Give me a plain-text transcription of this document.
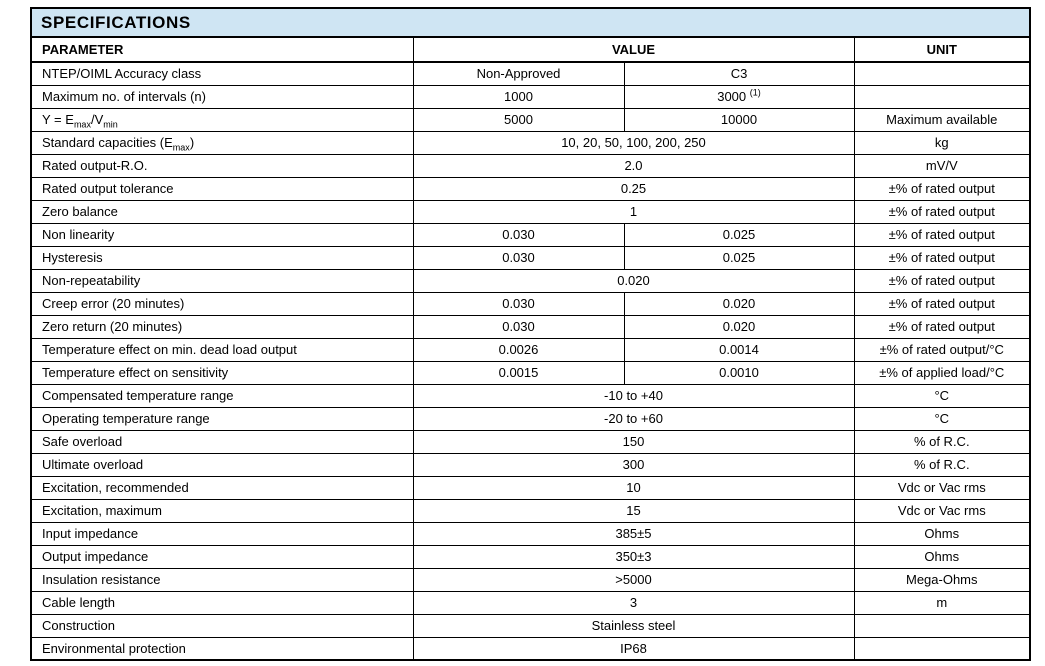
SPECIFICATIONS			
PARAMETER	VALUE		UNIT
NTEP/OIML Accuracy class	Non-Approved	C3	
Maximum no. of intervals (n)	1000	3000 $^{(1)}$	
$Y = E_{max}/V_{min}$	5000	10000	Maximum available
Standard capacities $(E_{max})$	10, 20, 50, 100, 200, 250		kg
Rated output-R.O.	2.0		mV/V
Rated output tolerance	0.25		±% of rated output
Zero balance	1		±% of rated output
Non linearity	0.030	0.025	±% of rated output
Hysteresis	0.030	0.025	±% of rated output
Non-repeatability	0.020		±% of rated output
Creep error (20 minutes)	0.030	0.020	±% of rated output
Zero return (20 minutes)	0.030	0.020	±% of rated output
Temperature effect on min. dead load output	0.0026	0.0014	±% of rated output/°C
Temperature effect on sensitivity	0.0015	0.0010	±% of applied load/°C
Compensated temperature range	-10 to +40		°C
Operating temperature range	-20 to +60		°C
Safe overload	150		% of R.C.
Ultimate overload	300		% of R.C.
Excitation, recommended	10		Vdc or Vac rms
Excitation, maximum	15		Vdc or Vac rms
Input impedance	385±5		Ohms
Output impedance	350±3		Ohms
Insulation resistance	>5000		Mega-Ohms
Cable length	3		m
Construction	Stainless steel		
Environmental protection	IP68		
